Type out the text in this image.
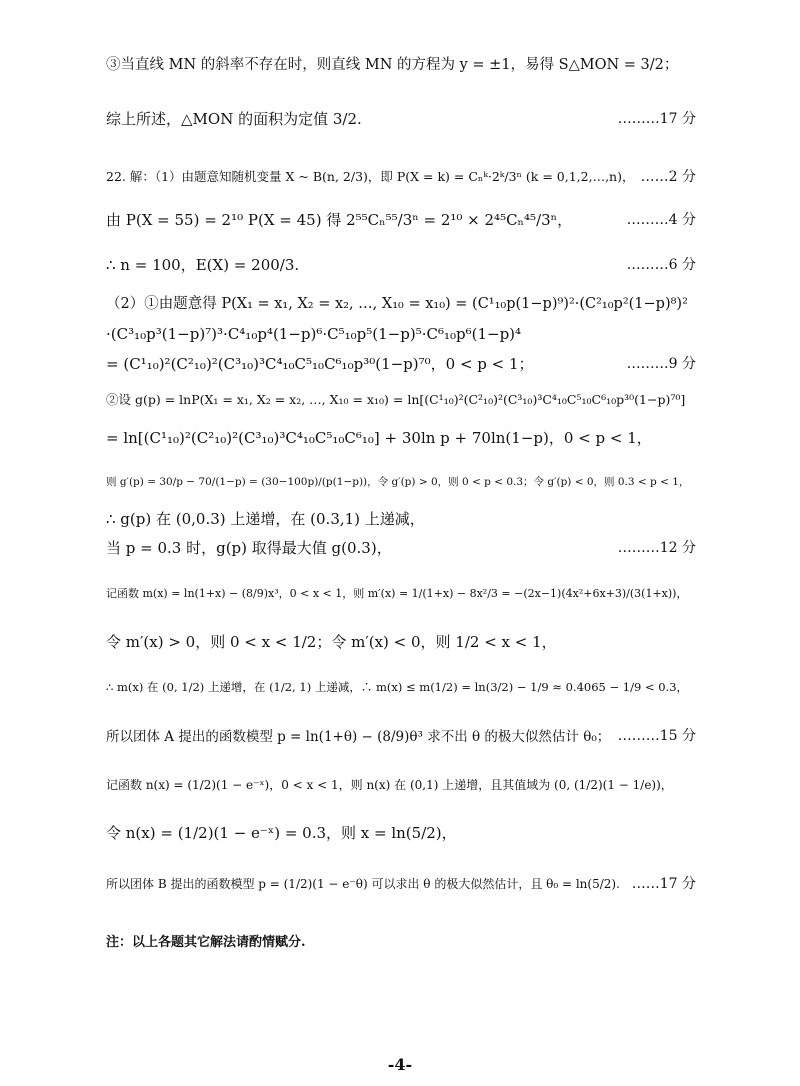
③当直线 MN 的斜率不存在时，则直线 MN 的方程为 y = ±1，易得 S△MON = 3/2；
综上所述，△MON 的面积为定值 3/2.	………17 分
22. 解：（1）由题意知随机变量 X ~ B(n, 2/3)，即 P(X = k) = Cₙᵏ·2ᵏ/3ⁿ (k = 0,1,2,…,n)， ……2 分
由 P(X = 55) = 2¹⁰ P(X = 45) 得 2⁵⁵Cₙ⁵⁵/3ⁿ = 2¹⁰ × 2⁴⁵Cₙ⁴⁵/3ⁿ，	………4 分
∴ n = 100，E(X) = 200/3.	………6 分
（2）①由题意得 P(X₁ = x₁, X₂ = x₂, …, X₁₀ = x₁₀) = (C¹₁₀p(1−p)⁹)²·(C²₁₀p²(1−p)⁸)²
·(C³₁₀p³(1−p)⁷)³·C⁴₁₀p⁴(1−p)⁶·C⁵₁₀p⁵(1−p)⁵·C⁶₁₀p⁶(1−p)⁴
= (C¹₁₀)²(C²₁₀)²(C³₁₀)³C⁴₁₀C⁵₁₀C⁶₁₀p³⁰(1−p)⁷⁰，0 < p < 1；	………9 分
②设 g(p) = lnP(X₁ = x₁, X₂ = x₂, …, X₁₀ = x₁₀) = ln[(C¹₁₀)²(C²₁₀)²(C³₁₀)³C⁴₁₀C⁵₁₀C⁶₁₀p³⁰(1−p)⁷⁰]
= ln[(C¹₁₀)²(C²₁₀)²(C³₁₀)³C⁴₁₀C⁵₁₀C⁶₁₀] + 30ln p + 70ln(1−p)，0 < p < 1，
则 g′(p) = 30/p − 70/(1−p) = (30−100p)/(p(1−p))，令 g′(p) > 0，则 0 < p < 0.3；令 g′(p) < 0，则 0.3 < p < 1，
∴ g(p) 在 (0,0.3) 上递增，在 (0.3,1) 上递减，
当 p = 0.3 时，g(p) 取得最大值 g(0.3)，	………12 分
记函数 m(x) = ln(1+x) − (8/9)x³，0 < x < 1，则 m′(x) = 1/(1+x) − 8x²/3 = −(2x−1)(4x²+6x+3)/(3(1+x))，
令 m′(x) > 0，则 0 < x < 1/2；令 m′(x) < 0，则 1/2 < x < 1，
∴ m(x) 在 (0, 1/2) 上递增，在 (1/2, 1) 上递减，∴ m(x) ≤ m(1/2) = ln(3/2) − 1/9 ≈ 0.4065 − 1/9 < 0.3，
所以团体 A 提出的函数模型 p = ln(1+θ) − (8/9)θ³ 求不出 θ 的极大似然估计 θ₀； ………15 分
记函数 n(x) = (1/2)(1 − e⁻ˣ)，0 < x < 1，则 n(x) 在 (0,1) 上递增，且其值域为 (0, (1/2)(1 − 1/e))，
令 n(x) = (1/2)(1 − e⁻ˣ) = 0.3，则 x = ln(5/2)，
所以团体 B 提出的函数模型 p = (1/2)(1 − e⁻θ) 可以求出 θ 的极大似然估计，且 θ₀ = ln(5/2). ……17 分
注：以上各题其它解法请酌情赋分.
-4-
